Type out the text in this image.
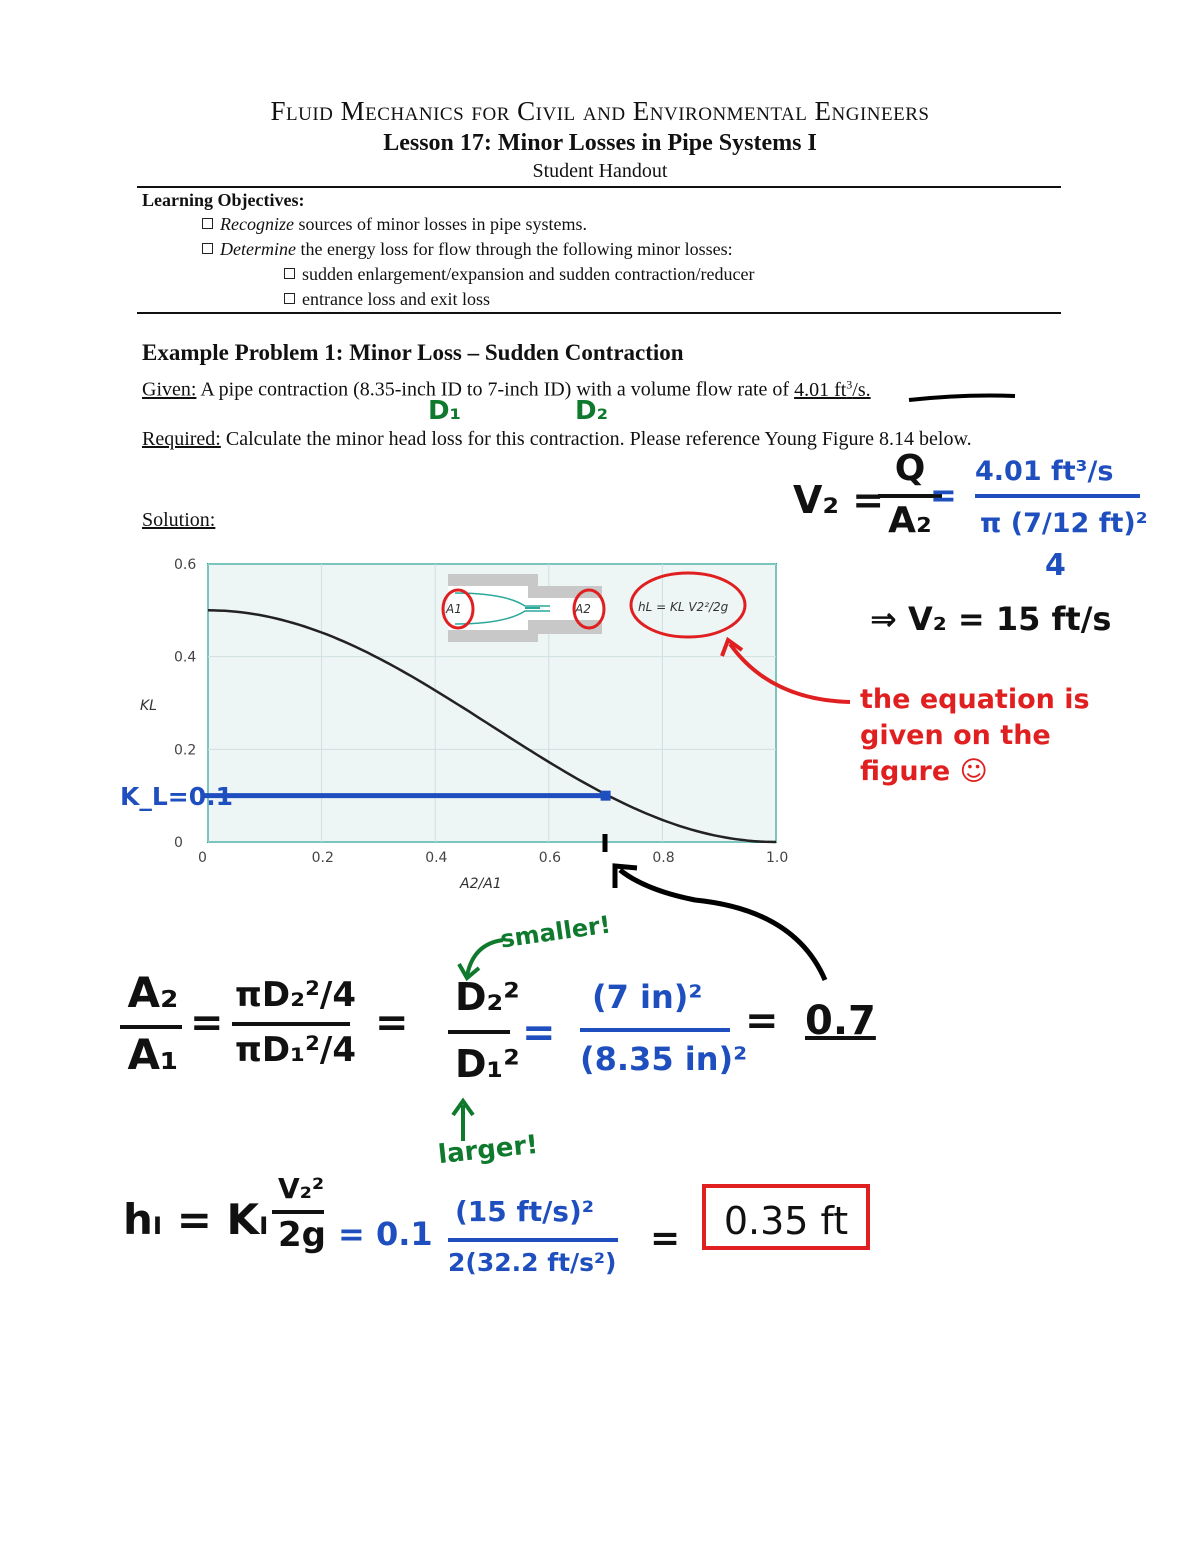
Fluid Mechanics for Civil and Environmental Engineers
Lesson 17: Minor Losses in Pipe Systems I
Student Handout
Learning Objectives:
Recognize sources of minor losses in pipe systems.
Determine the energy loss for flow through the following minor losses:
sudden enlargement/expansion and sudden contraction/reducer
entrance loss and exit loss
Example Problem 1: Minor Loss – Sudden Contraction
Given: A pipe contraction (8.35-inch ID to 7-inch ID) with a volume flow rate of 4.01 $ft^3/s$.
Required: Calculate the minor head loss for this contraction. Please reference Young Figure 8.14 below.
Solution:
D₁	D₂
0
0.2
0.4
0.6
0	0.2	0.4	0.6	0.8	1.0
KL
A2/A1
A1	A2	hL = KL V2²/2g
K_L=0.1
the equation is given on the figure ☺
V₂ =
Q
A₂
=
4.01 ft³/s
π (7/12 ft)²
4
⇒ V₂ = 15 ft/s
A₂
A₁
=
πD₂²/4
πD₁²/4
=
D₂²
D₁²
=
(7 in)²
(8.35 in)²
= 0.7
smaller!
larger!
hₗ = Kₗ
V₂²
2g = 0.1
(15 ft/s)²
2(32.2 ft/s²)
=	0.35 ft
